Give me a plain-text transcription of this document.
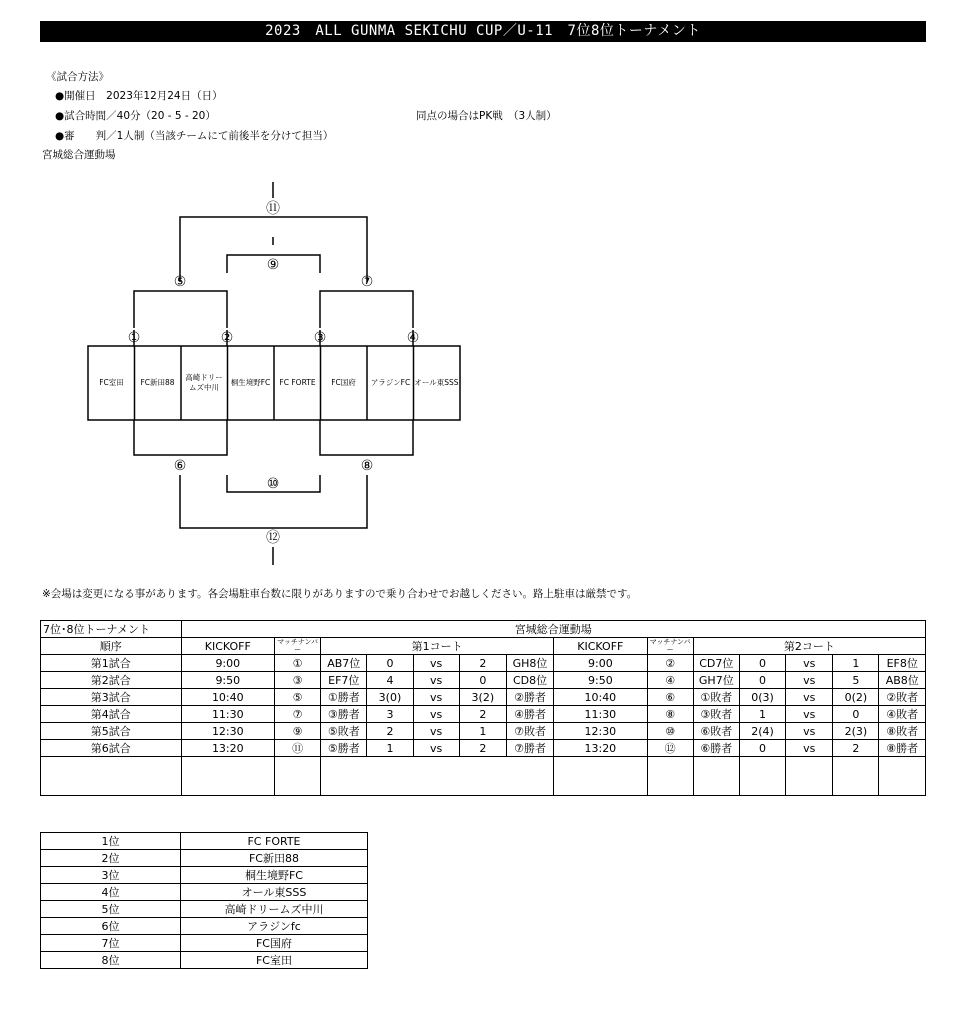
2023　ALL GUNMA SEKICHU CUP／U-11　7位8位トーナメント
《試合方法》
●開催日　2023年12月24日（日）
●試合時間／40分（20 - 5 - 20）	同点の場合はPK戦　（3人制）
●審　　判／1人制（当該チームにて前後半を分けて担当）
宮城総合運動場
⑪
⑨
⑤	⑦
①	②	③	④
⑥	⑧
⑩
⑫
FC室田	FC新田88
高崎ドリームズ中川
桐生境野FC	FC FORTE	FC国府	アラジンFC オール東SSS
※会場は変更になる事があります。各会場駐車台数に限りがありますので乗り合わせでお越しください。路上駐車は厳禁です。
7位･8位トーナメント	宮城総合運動場													
順序	KICKOFF	マッチナンバー	第1コート					KICKOFF	マッチナンバー	第2コート				
第1試合	9:00	①	AB7位	0	vs	2	GH8位	9:00	②	CD7位	0	vs	1	EF8位
第2試合	9:50	③	EF7位	4	vs	0	CD8位	9:50	④	GH7位	0	vs	5	AB8位
第3試合	10:40	⑤	①勝者	3(0)	vs	3(2)	②勝者	10:40	⑥	①敗者	0(3)	vs	0(2)	②敗者
第4試合	11:30	⑦	③勝者	3	vs	2	④勝者	11:30	⑧	③敗者	1	vs	0	④敗者
第5試合	12:30	⑨	⑤敗者	2	vs	1	⑦敗者	12:30	⑩	⑥敗者	2(4)	vs	2(3)	⑧敗者
第6試合	13:20	⑪	⑤勝者	1	vs	2	⑦勝者	13:20	⑫	⑥勝者	0	vs	2	⑧勝者

1位	FC FORTE
2位	FC新田88
3位	桐生境野FC
4位	オール東SSS
5位	高崎ドリームズ中川
6位	アラジンfc
7位	FC国府
8位	FC室田
